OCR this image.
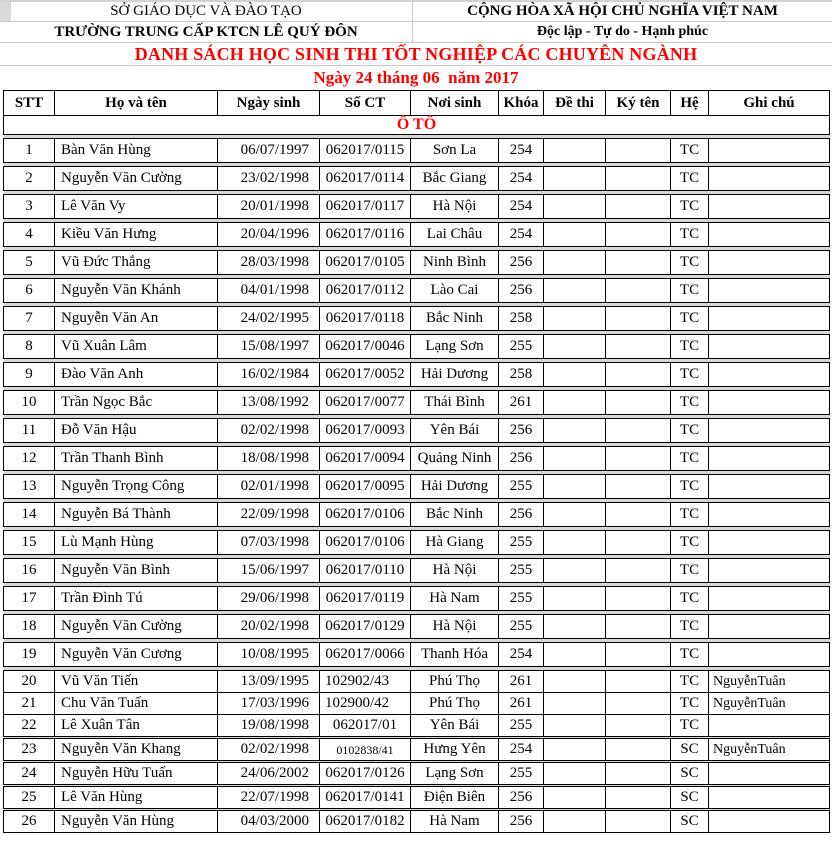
SỞ GIÁO DỤC VÀ ĐÀO TẠO	CỘNG HÒA XÃ HỘI CHỦ NGHĨA VIỆT NAM
TRƯỜNG TRUNG CẤP KTCN LÊ QUÝ ĐÔN	Độc lập - Tự do - Hạnh phúc
DANH SÁCH HỌC SINH THI TỐT NGHIỆP CÁC CHUYÊN NGÀNH
Ngày 24 tháng 06  năm 2017
STT	Họ và tên	Ngày sinh	Số CT	Nơi sinh	Khóa	Đề thi	Ký tên	Hệ	Ghi chú
Ô TÔ									

1	Bàn Văn Hùng	06/07/1997	062017/0115	Sơn La	254			TC	

2	Nguyễn Văn Cường	23/02/1998	062017/0114	Bắc Giang	254			TC	

3	Lê Văn Vy	20/01/1998	062017/0117	Hà Nội	254			TC	

4	Kiều Văn Hưng	20/04/1996	062017/0116	Lai Châu	254			TC	

5	Vũ Đức Thắng	28/03/1998	062017/0105	Ninh Bình	256			TC	

6	Nguyễn Văn Khánh	04/01/1998	062017/0112	Lào Cai	256			TC	

7	Nguyễn Văn An	24/02/1995	062017/0118	Bắc Ninh	258			TC	

8	Vũ Xuân Lâm	15/08/1997	062017/0046	Lạng Sơn	255			TC	

9	Đào Văn Anh	16/02/1984	062017/0052	Hải Dương	258			TC	

10	Trần Ngọc Bắc	13/08/1992	062017/0077	Thái Bình	261			TC	

11	Đỗ Văn Hậu	02/02/1998	062017/0093	Yên Bái	256			TC	

12	Trần Thanh Bình	18/08/1998	062017/0094	Quảng Ninh	256			TC	

13	Nguyễn Trọng Công	02/01/1998	062017/0095	Hải Dương	255			TC	

14	Nguyễn Bá Thành	22/09/1998	062017/0106	Bắc Ninh	256			TC	

15	Lù Mạnh Hùng	07/03/1998	062017/0106	Hà Giang	255			TC	

16	Nguyễn Văn Bình	15/06/1997	062017/0110	Hà Nội	255			TC	

17	Trần Đình Tú	29/06/1998	062017/0119	Hà Nam	255			TC	

18	Nguyễn Văn Cường	20/02/1998	062017/0129	Hà Nội	255			TC	

19	Nguyễn Văn Cương	10/08/1995	062017/0066	Thanh Hóa	254			TC	

20	Vũ Văn Tiến	13/09/1995	102902/43	Phú Thọ	261			TC	NguyễnTuân
21	Chu Văn Tuấn	17/03/1996	102900/42	Phú Thọ	261			TC	NguyễnTuân
22	Lê Xuân Tân	19/08/1998	062017/01	Yên Bái	255			TC	

23	Nguyễn Văn Khang	02/02/1998	0102838/41	Hưng Yên	254			SC	NguyễnTuân

24	Nguyễn Hữu Tuấn	24/06/2002	062017/0126	Lạng Sơn	255			SC	

25	Lê Văn Hùng	22/07/1998	062017/0141	Điện Biên	256			SC	

26	Nguyễn Văn Hùng	04/03/2000	062017/0182	Hà Nam	256			SC	
